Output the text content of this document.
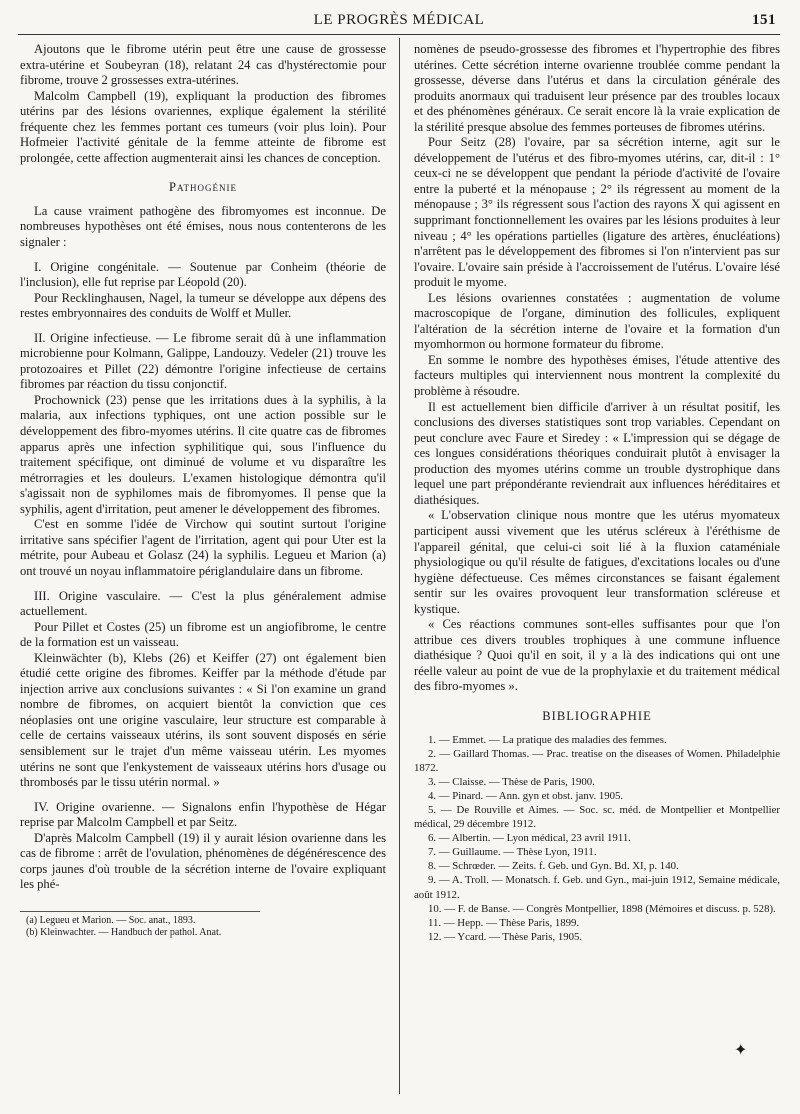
LE PROGRÈS MÉDICAL	151

Ajoutons que le fibrome utérin peut être une cause de grossesse extra-utérine et Soubeyran (18), relatant 24 cas d'hystérectomie pour fibrome, trouve 2 grossesses extra-utérines.

Malcolm Campbell (19), expliquant la production des fibromes utérins par des lésions ovariennes, explique également la stérilité fréquente chez les femmes portant ces tumeurs (voir plus loin). Pour Hofmeier l'activité génitale de la femme atteinte de fibrome est prolongée, cette affection augmenterait ainsi les chances de conception.

Pathogénie

La cause vraiment pathogène des fibromyomes est inconnue. De nombreuses hypothèses ont été émises, nous nous contenterons de les signaler :

I. Origine congénitale. — Soutenue par Conheim (théorie de l'inclusion), elle fut reprise par Léopold (20).

Pour Recklinghausen, Nagel, la tumeur se développe aux dépens des restes embryonnaires des conduits de Wolff et Muller.

II. Origine infectieuse. — Le fibrome serait dû à une inflammation microbienne pour Kolmann, Galippe, Landouzy. Vedeler (21) trouve les protozoaires et Pillet (22) démontre l'origine infectieuse de certains fibromes par réaction du tissu conjonctif.

Prochownick (23) pense que les irritations dues à la syphilis, à la malaria, aux infections typhiques, ont une action possible sur le développement des fibro-myomes utérins. Il cite quatre cas de fibromes apparus après une infection syphilitique qui, sous l'influence du traitement spécifique, ont diminué de volume et vu disparaître les métrorragies et les douleurs. L'examen histologique démontra qu'il s'agissait non de syphilomes mais de fibromyomes. Il pense que la syphilis, agent d'irritation, peut amener le développement des fibromes.

C'est en somme l'idée de Virchow qui soutint surtout l'origine irritative sans spécifier l'agent de l'irritation, agent qui pour Uter est la métrite, pour Aubeau et Golasz (24) la syphilis. Legueu et Marion (a) ont trouvé un noyau inflammatoire périglandulaire dans un fibrome.

III. Origine vasculaire. — C'est la plus généralement admise actuellement.

Pour Pillet et Costes (25) un fibrome est un angiofibrome, le centre de la formation est un vaisseau.

Kleinwächter (b), Klebs (26) et Keiffer (27) ont également bien étudié cette origine des fibromes. Keiffer par la méthode d'étude par injection arrive aux conclusions suivantes : « Si l'on examine un grand nombre de fibromes, on acquiert bientôt la conviction que ces néoplasies ont une origine vasculaire, leur structure est comparable à celle de certains vaisseaux utérins, ils sont souvent disposés en série sensiblement sur le trajet d'un même vaisseau utérin. Les myomes utérins ne sont que l'enkystement de vaisseaux utérins hors d'usage ou thrombosés par le tissu utérin normal. »

IV. Origine ovarienne. — Signalons enfin l'hypothèse de Hégar reprise par Malcolm Campbell et par Seitz.

D'après Malcolm Campbell (19) il y aurait lésion ovarienne dans les cas de fibrome : arrêt de l'ovulation, phénomènes de dégénérescence des corps jaunes d'où trouble de la sécrétion interne de l'ovaire expliquant les phé-

(a) Legueu et Marion. — Soc. anat., 1893.
(b) Kleinwachter. — Handbuch der pathol. Anat.

nomènes de pseudo-grossesse des fibromes et l'hypertrophie des fibres utérines. Cette sécrétion interne ovarienne troublée comme pendant la grossesse, déverse dans l'utérus et dans la circulation générale des produits anormaux qui traduisent leur présence par des troubles locaux et des phénomènes généraux. Ce serait encore là la vraie explication de la stérilité presque absolue des femmes porteuses de fibromes utérins.

Pour Seitz (28) l'ovaire, par sa sécrétion interne, agit sur le développement de l'utérus et des fibro-myomes utérins, car, dit-il : 1° ceux-ci ne se développent que pendant la période d'activité de l'ovaire entre la puberté et la ménopause ; 2° ils régressent au moment de la ménopause ; 3° ils régressent sous l'action des rayons X qui agissent en supprimant fonctionnellement les ovaires par les lésions produites à leur niveau ; 4° les opérations partielles (ligature des artères, énucléations) n'arrêtent pas le développement des fibromes si l'on n'intervient pas sur l'ovaire. L'ovaire sain préside à l'accroissement de l'utérus. L'ovaire lésé produit le myome.

Les lésions ovariennes constatées : augmentation de volume macroscopique de l'organe, diminution des follicules, expliquent l'altération de la sécrétion interne de l'ovaire et la formation d'un myomhormon ou hormone formateur du fibrome.

En somme le nombre des hypothèses émises, l'étude attentive des facteurs multiples qui interviennent nous montrent la complexité du problème à résoudre.

Il est actuellement bien difficile d'arriver à un résultat positif, les conclusions des diverses statistiques sont trop variables. Cependant on peut conclure avec Faure et Siredey : « L'impression qui se dégage de ces longues considérations théoriques conduirait plutôt à envisager la production des myomes utérins comme un trouble dystrophique dans lequel une part prépondérante reviendrait aux influences héréditaires et diathésiques.

« L'observation clinique nous montre que les utérus myomateux participent aussi vivement que les utérus scléreux à l'éréthisme de l'appareil génital, que celui-ci soit lié à la fluxion cataméniale physiologique ou qu'il résulte de fatigues, d'excitations locales ou d'une hygiène défectueuse. Ces mêmes circonstances se faisant également sentir sur les ovaires provoquent leur transformation scléreuse et kystique.

« Ces réactions communes sont-elles suffisantes pour que l'on attribue ces divers troubles trophiques à une commune influence diathésique ? Quoi qu'il en soit, il y a là des indications qui ont une réelle valeur au point de vue de la prophylaxie et du traitement médical des fibro-myomes ».

BIBLIOGRAPHIE

1. — Emmet. — La pratique des maladies des femmes.

2. — Gaillard Thomas. — Prac. treatise on the diseases of Women. Philadelphie 1872.

3. — Claisse. — Thèse de Paris, 1900.

4. — Pinard. — Ann. gyn et obst. janv. 1905.

5. — De Rouville et Aimes. — Soc. sc. méd. de Montpellier et Montpellier médical, 29 décembre 1912.

6. — Albertin. — Lyon médical, 23 avril 1911.

7. — Guillaume. — Thèse Lyon, 1911.

8. — Schrœder. — Zeits. f. Geb. und Gyn. Bd. XI, p. 140.

9. — A. Troll. — Monatsch. f. Geb. und Gyn., mai-juin 1912, Semaine médicale, août 1912.

10. — F. de Banse. — Congrès Montpellier, 1898 (Mémoires et discuss. p. 528).

11. — Hepp. — Thèse Paris, 1899.

12. — Ycard. — Thèse Paris, 1905.

✦
